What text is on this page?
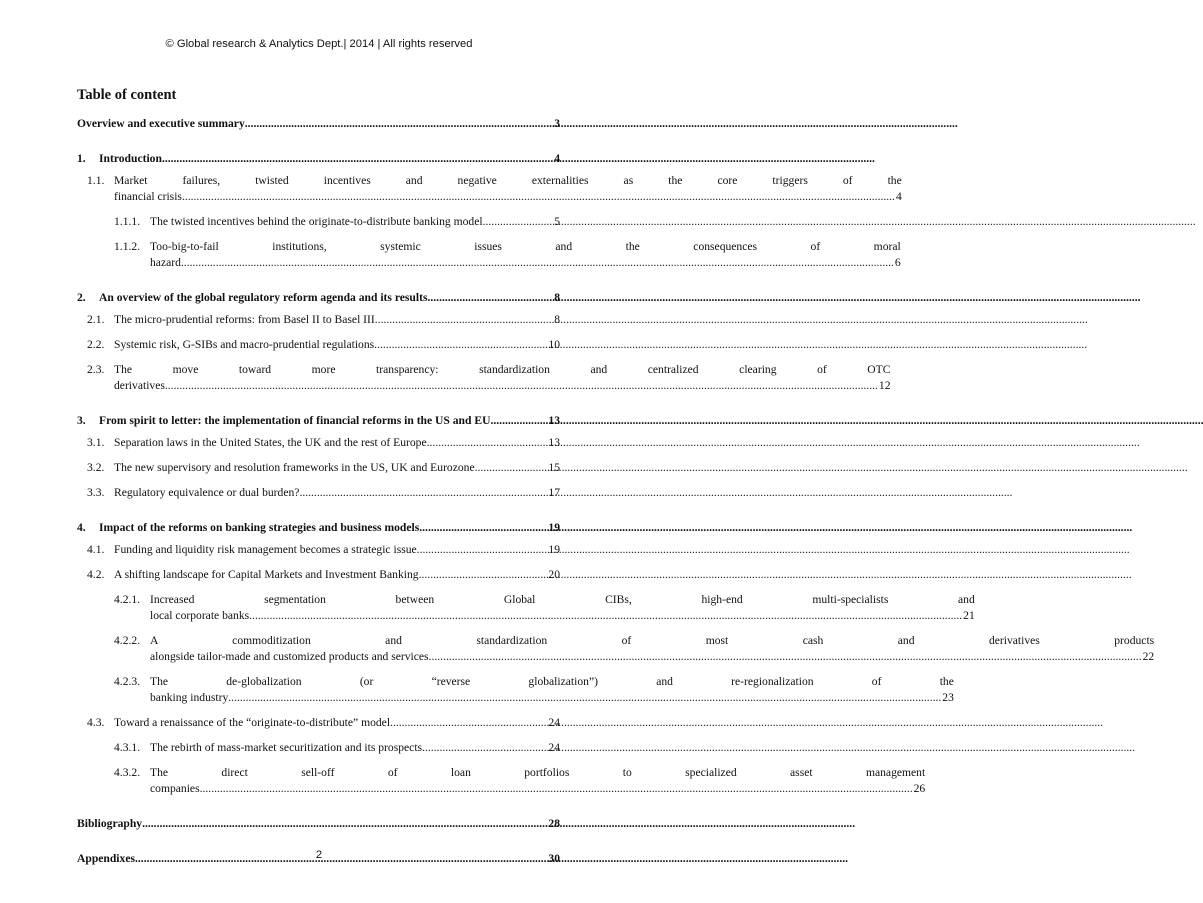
© Global research & Analytics Dept.| 2014 | All rights reserved
Table of content
Overview and executive summary .....	3
1. Introduction .....	4
1.1. Market failures, twisted incentives and negative externalities as the core triggers of the
financial crisis .....	4
1.1.1. The twisted incentives behind the originate-to-distribute banking model .....	5
1.1.2. Too-big-to-fail institutions, systemic issues and the consequences of moral
hazard .....	6
2. An overview of the global regulatory reform agenda and its results .....	8
2.1. The micro-prudential reforms: from Basel II to Basel III .....	8
2.2. Systemic risk, G-SIBs and macro-prudential regulations .....	10
2.3. The move toward more transparency: standardization and centralized clearing of OTC
derivatives .....	12
3. From spirit to letter: the implementation of financial reforms in the US and EU .....	13
3.1. Separation laws in the United States, the UK and the rest of Europe .....	13
3.2. The new supervisory and resolution frameworks in the US, UK and Eurozone .....	15
3.3. Regulatory equivalence or dual burden? .....	17
4. Impact of the reforms on banking strategies and business models .....	19
4.1. Funding and liquidity risk management becomes a strategic issue .....	19
4.2. A shifting landscape for Capital Markets and Investment Banking .....	20
4.2.1. Increased segmentation between Global CIBs, high-end multi-specialists and
local corporate banks .....	21
4.2.2. A commoditization and standardization of most cash and derivatives products
alongside tailor-made and customized products and services .....	22
4.2.3. The de-globalization (or “reverse globalization”) and re-regionalization of the
banking industry .....	23
4.3. Toward a renaissance of the “originate-to-distribute” model .....	24
4.3.1. The rebirth of mass-market securitization and its prospects .....	24
4.3.2. The direct sell-off of loan portfolios to specialized asset management
companies .....	26
Bibliography .....	28
Appendixes .....	30
2
